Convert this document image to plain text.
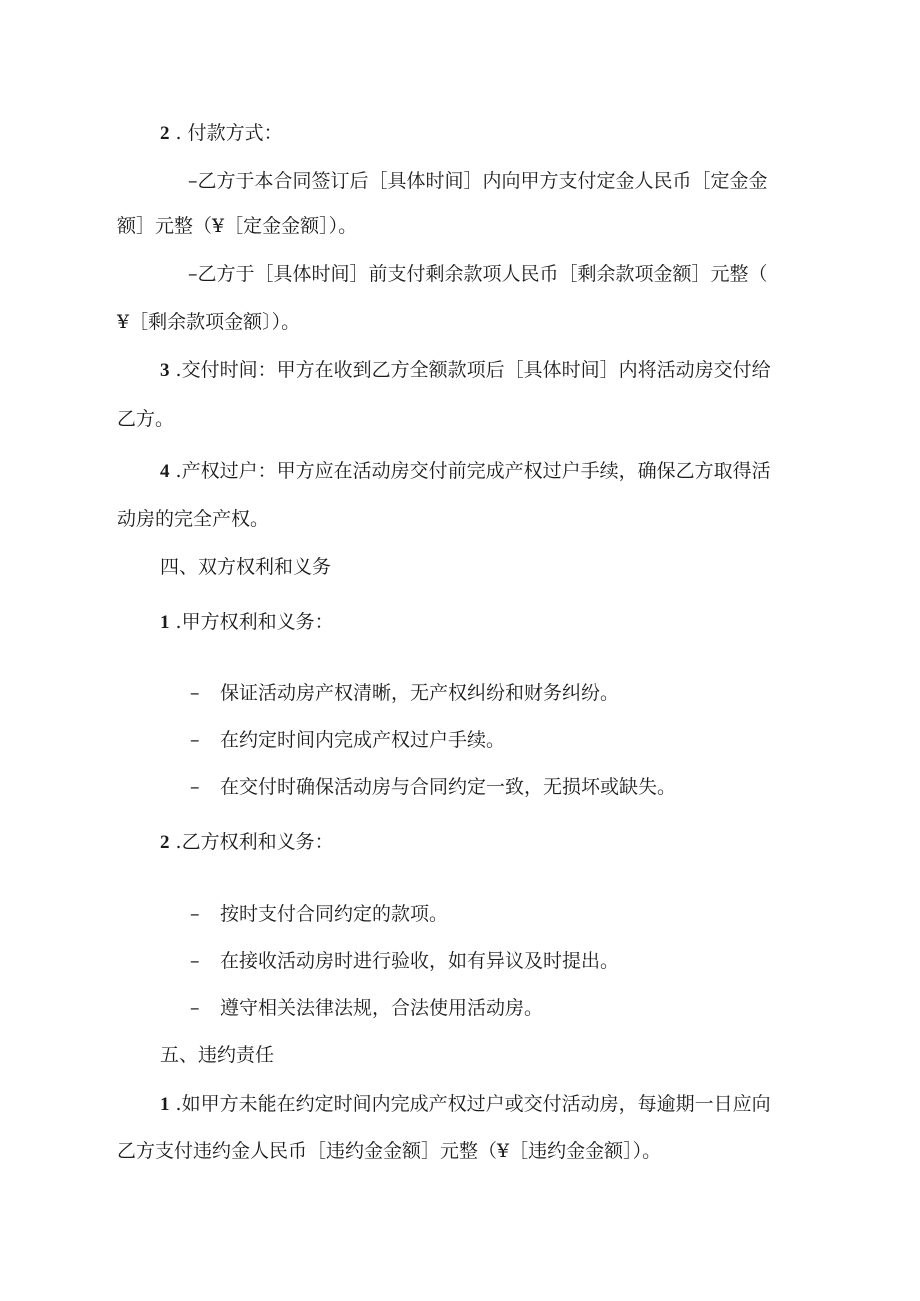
2 . 付款方式：
–乙方于本合同签订后［具体时间］内向甲方支付定金人民币［定金金
额］元整（¥［定金金额］）。
–乙方于［具体时间］前支付剩余款项人民币［剩余款项金额］元整（
¥［剩余款项金额〕）。
3 .交付时间：甲方在收到乙方全额款项后［具体时间］内将活动房交付给
乙方。
4 .产权过户：甲方应在活动房交付前完成产权过户手续，确保乙方取得活
动房的完全产权。
四、双方权利和义务
1 .甲方权利和义务：
– 保证活动房产权清晰，无产权纠纷和财务纠纷。
– 在约定时间内完成产权过户手续。
– 在交付时确保活动房与合同约定一致，无损坏或缺失。
2 .乙方权利和义务：
– 按时支付合同约定的款项。
– 在接收活动房时进行验收，如有异议及时提出。
– 遵守相关法律法规，合法使用活动房。
五、违约责任
1 .如甲方未能在约定时间内完成产权过户或交付活动房，每逾期一日应向
乙方支付违约金人民币［违约金金额］元整（¥［违约金金额］）。
